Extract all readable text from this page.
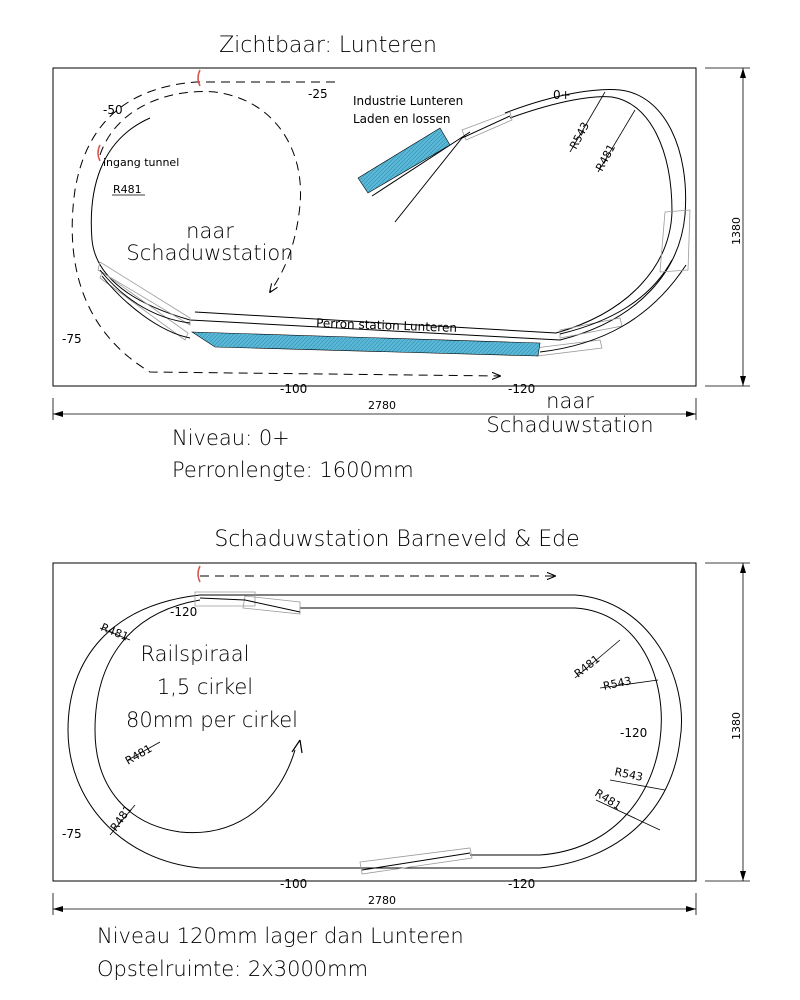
Zichtbaar: Lunteren
0+
-25
-50
-75
-100	-120
ingang tunnel
R481
R543
R481
Industrie Lunteren
Laden en lossen
naar
Schaduwstation
Perron station Lunteren
naar
Schaduwstation
2780
1380
Niveau: 0+
Perronlengte: 1600mm
Schaduwstation Barneveld & Ede
-120
-120
-120
-100
-75
R481
R481
R481
R481
R543
R543
R481
Railspiraal
1,5 cirkel
80mm per cirkel
2780
1380
Niveau 120mm lager dan Lunteren
Opstelruimte: 2x3000mm
